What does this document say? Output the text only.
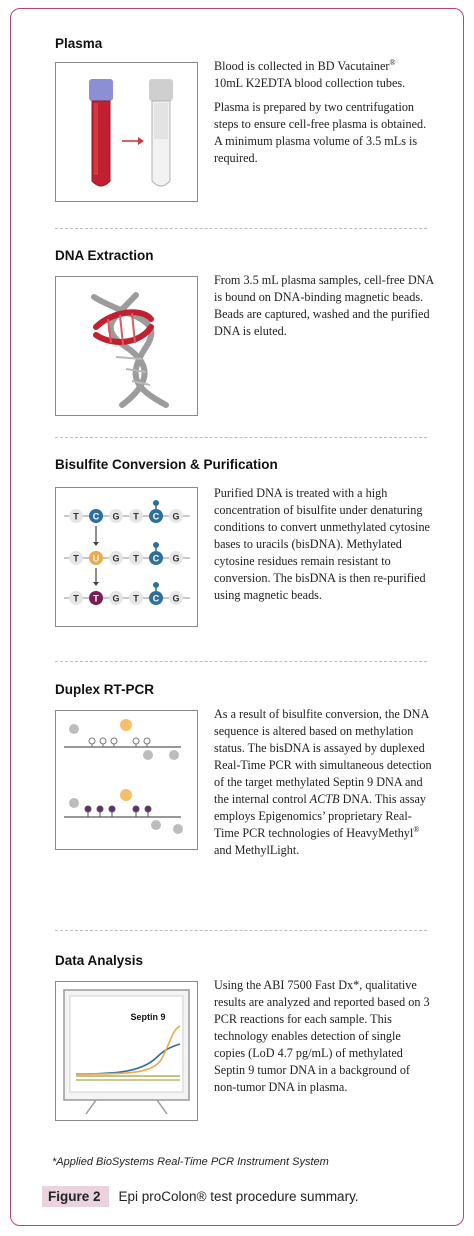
Plasma

Blood is collected in BD Vacutainer®
10mL K2EDTA blood collection tubes.

Plasma is prepared by two centrifugation steps to ensure cell-free plasma is obtained. A minimum plasma volume of 3.5 mLs is required.

DNA Extraction

From 3.5 mL plasma samples, cell-free DNA is bound on DNA-binding magnetic beads. Beads are captured, washed and the purified DNA is eluted.

Bisulfite Conversion & Purification
T C G T C G
T U G T C G
T T G T C G

Purified DNA is treated with a high concentration of bisulfite under denaturing conditions to convert unmethylated cytosine bases to uracils (bisDNA). Methylated cytosine residues remain resistant to conversion. The bisDNA is then re-purified using magnetic beads.

Duplex RT-PCR

As a result of bisulfite conversion, the DNA sequence is altered based on methylation status. The bisDNA is assayed by duplexed Real-Time PCR with simultaneous detection of the target methylated Septin 9 DNA and the internal control ACTB DNA. This assay employs Epigenomics’ proprietary Real-Time PCR technologies of HeavyMethyl®
and MethylLight.

Data Analysis
Septin 9

Using the ABI 7500 Fast Dx*, qualitative results are analyzed and reported based on 3 PCR reactions for each sample. This technology enables detection of single copies (LoD 4.7 pg/mL) of methylated Septin 9 tumor DNA in a background of non-tumor DNA in plasma.

*Applied BioSystems Real-Time PCR Instrument System
Figure 2	Epi proColon® test procedure summary.
